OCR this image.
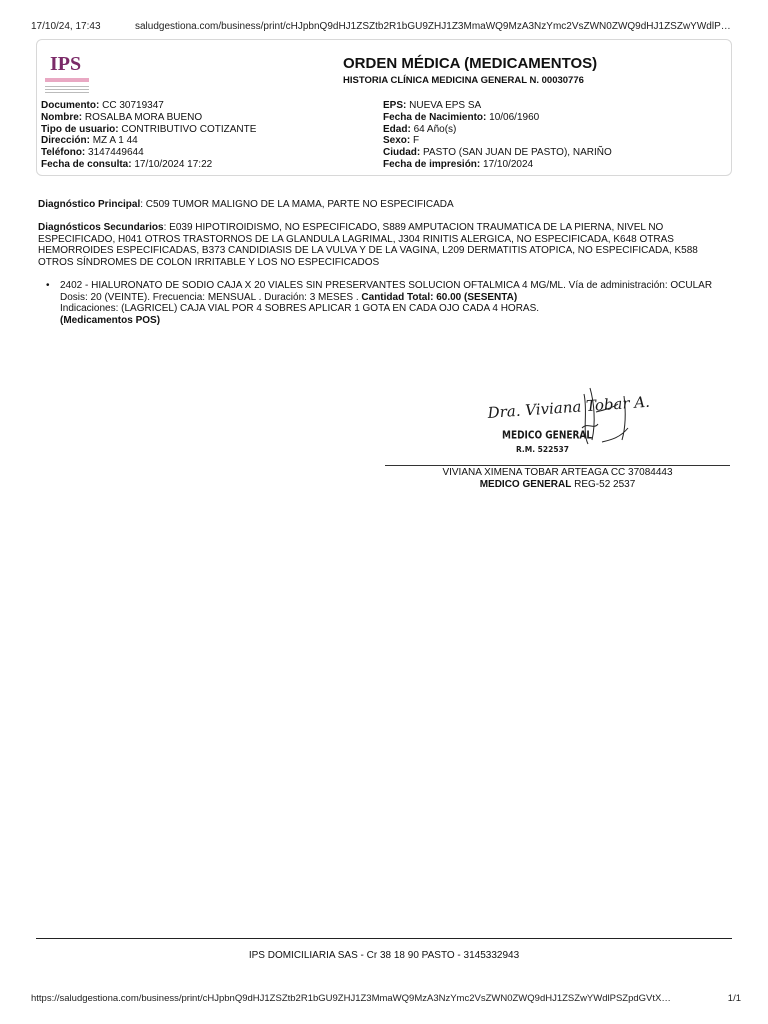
17/10/24, 17:43	saludgestiona.com/business/print/cHJpbnQ9dHJ1ZSZtb2R1bGU9ZHJ1Z3MmaWQ9MzA3NzYmc2VsZWN0ZWQ9dHJ1ZSZwYWdlP…
IPS	ORDEN MÉDICA (MEDICAMENTOS)
HISTORIA CLÍNICA MEDICINA GENERAL N. 00030776
Documento: CC 30719347
Nombre: ROSALBA MORA BUENO
Tipo de usuario: CONTRIBUTIVO COTIZANTE
Dirección: MZ A 1 44
Teléfono: 3147449644
Fecha de consulta: 17/10/2024 17:22
EPS: NUEVA EPS SA
Fecha de Nacimiento: 10/06/1960
Edad: 64 Año(s)
Sexo: F
Ciudad: PASTO (SAN JUAN DE PASTO), NARIÑO
Fecha de impresión: 17/10/2024
Diagnóstico Principal: C509 TUMOR MALIGNO DE LA MAMA, PARTE NO ESPECIFICADA
Diagnósticos Secundarios: E039 HIPOTIROIDISMO, NO ESPECIFICADO, S889 AMPUTACION TRAUMATICA DE LA PIERNA, NIVEL NO ESPECIFICADO, H041 OTROS TRASTORNOS DE LA GLANDULA LAGRIMAL, J304 RINITIS ALERGICA, NO ESPECIFICADA, K648 OTRAS HEMORROIDES ESPECIFICADAS, B373 CANDIDIASIS DE LA VULVA Y DE LA VAGINA, L209 DERMATITIS ATOPICA, NO ESPECIFICADA, K588 OTROS SÍNDROMES DE COLON IRRITABLE Y LOS NO ESPECIFICADOS
• 2402 - HIALURONATO DE SODIO CAJA X 20 VIALES SIN PRESERVANTES SOLUCION OFTALMICA 4 MG/ML. Vía de administración: OCULAR
Dosis: 20 (VEINTE). Frecuencia: MENSUAL . Duración: 3 MESES . Cantidad Total: 60.00 (SESENTA)
Indicaciones: (LAGRICEL) CAJA VIAL POR 4 SOBRES APLICAR 1 GOTA EN CADA OJO CADA 4 HORAS.
(Medicamentos POS)
Dra. Viviana Tobar A.
MEDICO GENERAL
R.M. 522537
VIVIANA XIMENA TOBAR ARTEAGA CC 37084443
MEDICO GENERAL REG-52 2537
IPS DOMICILIARIA SAS - Cr 38 18 90 PASTO - 3145332943
https://saludgestiona.com/business/print/cHJpbnQ9dHJ1ZSZtb2R1bGU9ZHJ1Z3MmaWQ9MzA3NzYmc2VsZWN0ZWQ9dHJ1ZSZwYWdlPSZpdGVtX…	1/1
